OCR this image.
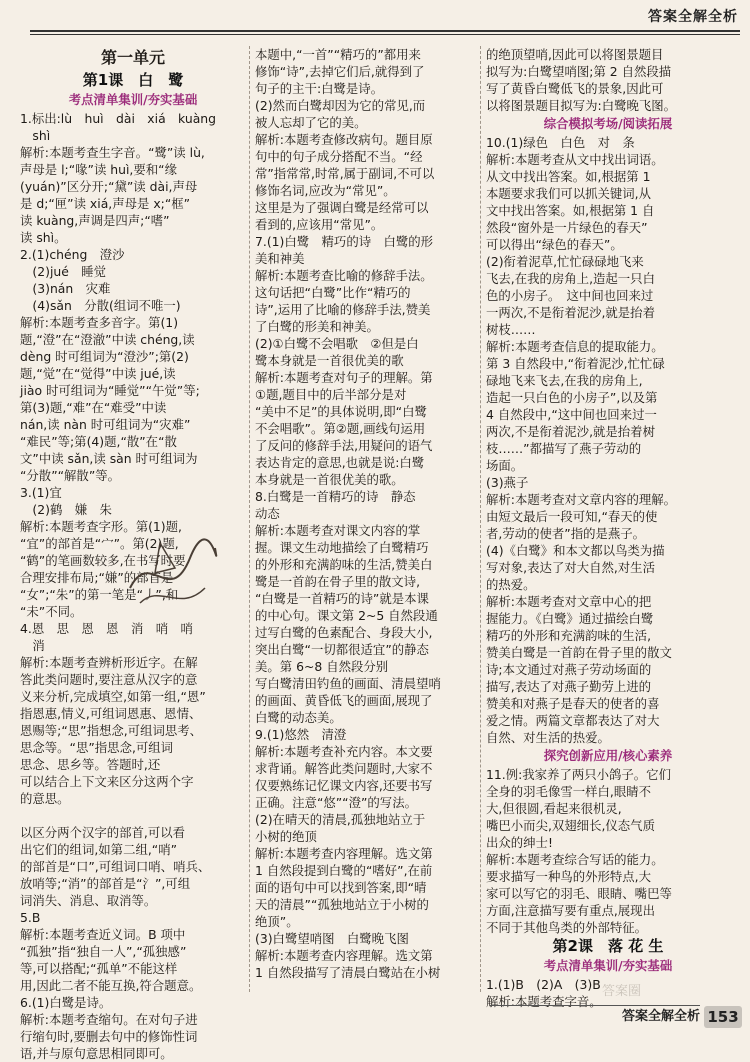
答案全解全析
第一单元
第1课　白　鹭
考点清单集训/夯实基础

1.标出:lù　huì　dài　xiá　kuàng

　shì

解析:本题考查生字音。“鹭”读 lù,

声母是 l;“喙”读 huì,要和“缘

(yuán)”区分开;“黛”读 dài,声母

是 d;“匣”读 xiá,声母是 x;“框”

读 kuàng,声调是四声;“嗜”

读 shì。

2.(1)chéng　澄沙

　(2)jué　睡觉

　(3)nán　灾难

　(4)sǎn　分散(组词不唯一)

解析:本题考查多音字。第(1)

题,“澄”在“澄澈”中读 chéng,读

dèng 时可组词为“澄沙”;第(2)

题,“觉”在“觉得”中读 jué,读

jiào 时可组词为“睡觉”“午觉”等;

第(3)题,“难”在“难受”中读

nán,读 nàn 时可组词为“灾难”

“难民”等;第(4)题,“散”在“散

文”中读 sǎn,读 sàn 时可组词为

“分散”“解散”等。

3.(1)宜

　(2)鹤　嫌　朱

解析:本题考查字形。第(1)题,

“宜”的部首是“宀”。第(2)题,

“鹤”的笔画数较多,在书写时要

合理安排布局;“嫌”的部首是

“女”;“朱”的第一笔是“丿”,和

“未”不同。

4.恩　思　恩　恩　消　哨　哨

　消

解析:本题考查辨析形近字。在解

答此类问题时,要注意从汉字的意

义来分析,完成填空,如第一组,“恩”

指恩惠,情义,可组词恩惠、恩情、

恩赐等;“思”指想念,可组词思考、

思念等。“思”指思念,可组词

思念、思乡等。答题时,还

可以结合上下文来区分这两个字

的意思。

以区分两个汉字的部首,可以看

出它们的组词,如第二组,“哨”

的部首是“口”,可组词口哨、哨兵、

放哨等;“消”的部首是“氵”,可组

词消失、消息、取消等。

5.B

解析:本题考查近义词。B 项中

“孤独”指“独自一人”,“孤独感”

等,可以搭配;“孤单”不能这样

用,因此二者不能互换,符合题意。

6.(1)白鹭是诗。

解析:本题考查缩句。在对句子进

行缩句时,要删去句中的修饰性词

语,并与原句意思相同即可。

本题中,“一首”“精巧的”都用来

修饰“诗”,去掉它们后,就得到了

句子的主干:白鹭是诗。

(2)然而白鹭却因为它的常见,而

被人忘却了它的美。

解析:本题考查修改病句。题目原

句中的句子成分搭配不当。“经

常”指常常,时常,属于副词,不可以

修饰名词,应改为“常见”。

这里是为了强调白鹭是经常可以

看到的,应该用“常见”。

7.(1)白鹭　精巧的诗　白鹭的形

美和神美

解析:本题考查比喻的修辞手法。

这句话把“白鹭”比作“精巧的

诗”,运用了比喻的修辞手法,赞美

了白鹭的形美和神美。

(2)①白鹭不会唱歌　②但是白

鹭本身就是一首很优美的歌

解析:本题考查对句子的理解。第

①题,题目中的后半部分是对

“美中不足”的具体说明,即“白鹭

不会唱歌”。第②题,画线句运用

了反问的修辞手法,用疑问的语气

表达肯定的意思,也就是说:白鹭

本身就是一首很优美的歌。

8.白鹭是一首精巧的诗　静态

动态

解析:本题考查对课文内容的掌

握。课文生动地描绘了白鹭精巧

的外形和充满韵味的生活,赞美白

鹭是一首韵在骨子里的散文诗,

“白鹭是一首精巧的诗”就是本课

的中心句。课文第 2~5 自然段通

过写白鹭的色素配合、身段大小,

突出白鹭“一切都很适宜”的静态

美。第 6~8 自然段分别

写白鹭清田钓鱼的画面、清晨望哨

的画面、黄昏低飞的画面,展现了

白鹭的动态美。

9.(1)悠然　清澄

解析:本题考查补充内容。本文要

求背诵。解答此类问题时,大家不

仅要熟练记忆课文内容,还要书写

正确。注意“悠”“澄”的写法。

(2)在晴天的清晨,孤独地站立于

小树的绝顶

解析:本题考查内容理解。选文第

1 自然段提到白鹭的“嗜好”,在前

面的语句中可以找到答案,即“晴

天的清晨”“孤独地站立于小树的

绝顶”。

(3)白鹭望哨图　白鹭晚飞图

解析:本题考查内容理解。选文第

1 自然段描写了清晨白鹭站在小树

的绝顶望哨,因此可以将图景题目

拟写为:白鹭望哨图;第 2 自然段描

写了黄昏白鹭低飞的景象,因此可

以将图景题目拟写为:白鹭晚飞图。

综合模拟考场/阅读拓展

10.(1)绿色　白色　对　条

解析:本题考查从文中找出词语。

从文中找出答案。如,根据第 1

本题要求我们可以抓关键词,从

文中找出答案。如,根据第 1 自

然段“窗外是一片绿色的春天”

可以得出“绿色的春天”。

(2)衔着泥草,忙忙碌碌地飞来

飞去,在我的房角上,造起一只白

色的小房子。　这中间也回来过

一两次,不是衔着泥沙,就是抬着

树枝……

解析:本题考查信息的提取能力。

第 3 自然段中,“衔着泥沙,忙忙碌

碌地飞来飞去,在我的房角上,

造起一只白色的小房子”,以及第

4 自然段中,“这中间也回来过一

两次,不是衔着泥沙,就是抬着树

枝……”都描写了燕子劳动的

场面。

(3)燕子

解析:本题考查对文章内容的理解。

由短文最后一段可知,“春天的使

者,劳动的使者”指的是燕子。

(4)《白鹭》和本文都以鸟类为描

写对象,表达了对大自然,对生活

的热爱。

解析:本题考查对文章中心的把

握能力。《白鹭》通过描绘白鹭

精巧的外形和充满韵味的生活,

赞美白鹭是一首韵在骨子里的散文

诗;本文通过对燕子劳动场面的

描写,表达了对燕子勤劳上进的

赞美和对燕子是春天的使者的喜

爱之情。两篇文章都表达了对大

自然、对生活的热爱。

探究创新应用/核心素养

11.例:我家养了两只小鸽子。它们

全身的羽毛像雪一样白,眼睛不

大,但很圆,看起来很机灵,

嘴巴小而尖,双翅细长,仪态气质

出众的绅士!

解析:本题考查综合写话的能力。

要求描写一种鸟的外形特点,大

家可以写它的羽毛、眼睛、嘴巴等

方面,注意描写要有重点,展现出

不同于其他鸟类的外部特征。

第2课　落 花 生
考点清单集训/夯实基础

1.(1)B　(2)A　(3)B

解析:本题考查字音。

答案全解全析 153
答案圈
